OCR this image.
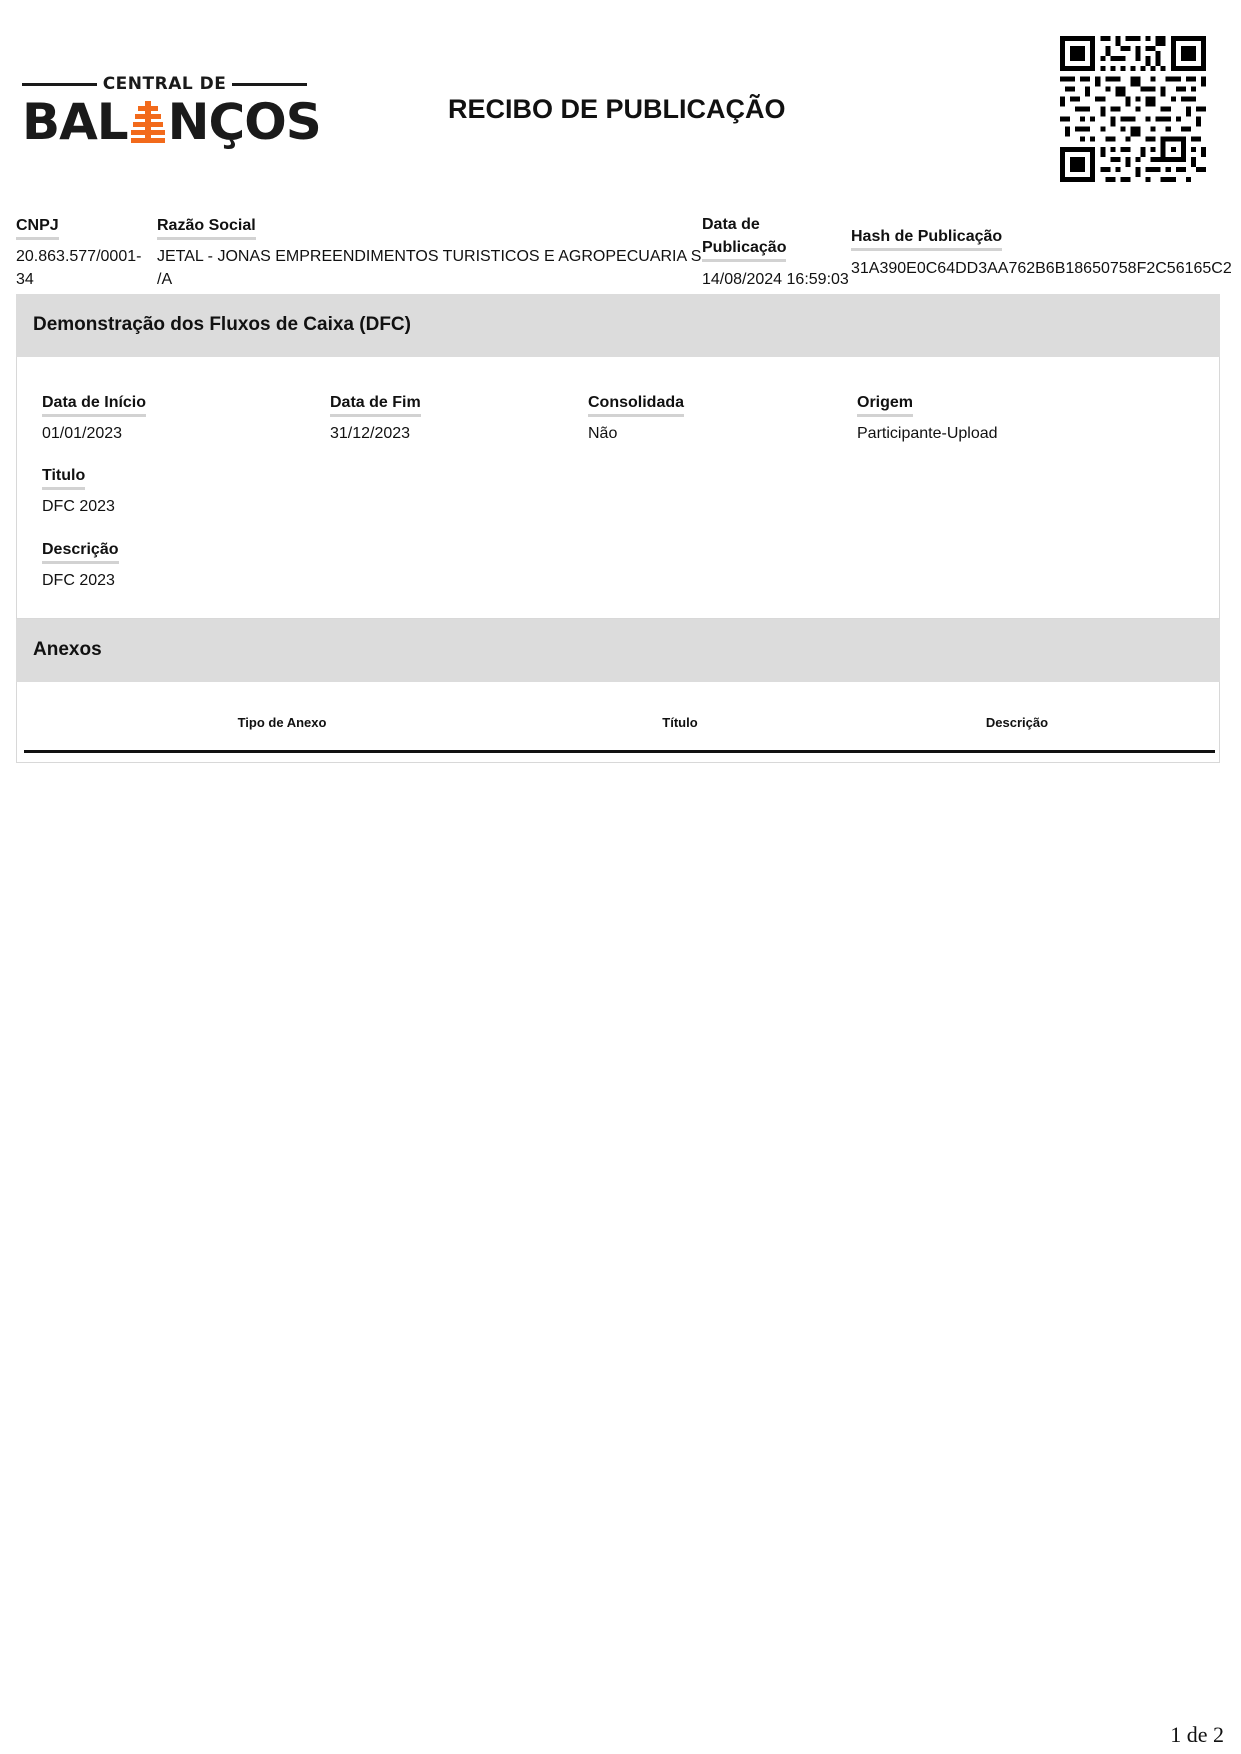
CENTRAL DE
BAL NÇOS	RECIBO DE PUBLICAÇÃO
CNPJ
20.863.577/0001-
34
Razão Social
JETAL - JONAS EMPREENDIMENTOS TURISTICOS E AGROPECUARIA S
/A
Data de
Publicação
14/08/2024 16:59:03
Hash de Publicação
31A390E0C64DD3AA762B6B18650758F2C56165C2
Demonstração dos Fluxos de Caixa (DFC)
Data de Início
01/01/2023
Data de Fim
31/12/2023
Consolidada
Não
Origem
Participante-Upload
Titulo
DFC 2023
Descrição
DFC 2023
Anexos
Tipo de Anexo	Título	Descrição
1 de 2
